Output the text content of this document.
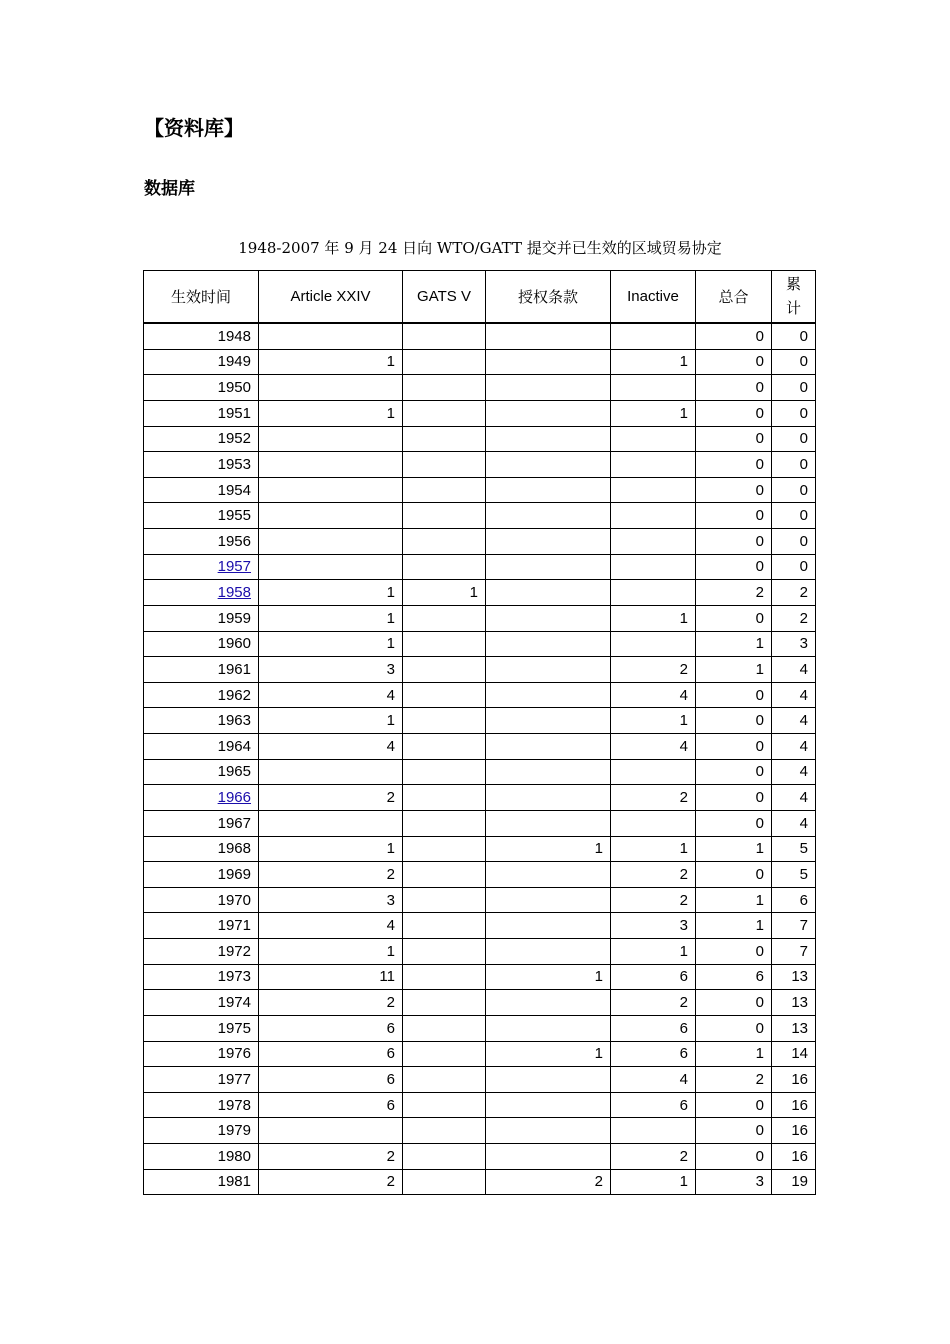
【资料库】
数据库
1948-2007 年 9 月 24 日向 WTO/GATT 提交并已生效的区域贸易协定
生效时间	Article XXIV	GATS V	授权条款	Inactive	总合	累
计
1948					0	0
1949	1			1	0	0
1950					0	0
1951	1			1	0	0
1952					0	0
1953					0	0
1954					0	0
1955					0	0
1956					0	0
1957					0	0
1958	1	1			2	2
1959	1			1	0	2
1960	1				1	3
1961	3			2	1	4
1962	4			4	0	4
1963	1			1	0	4
1964	4			4	0	4
1965					0	4
1966	2			2	0	4
1967					0	4
1968	1		1	1	1	5
1969	2			2	0	5
1970	3			2	1	6
1971	4			3	1	7
1972	1			1	0	7
1973	11		1	6	6	13
1974	2			2	0	13
1975	6			6	0	13
1976	6		1	6	1	14
1977	6			4	2	16
1978	6			6	0	16
1979					0	16
1980	2			2	0	16
1981	2		2	1	3	19
